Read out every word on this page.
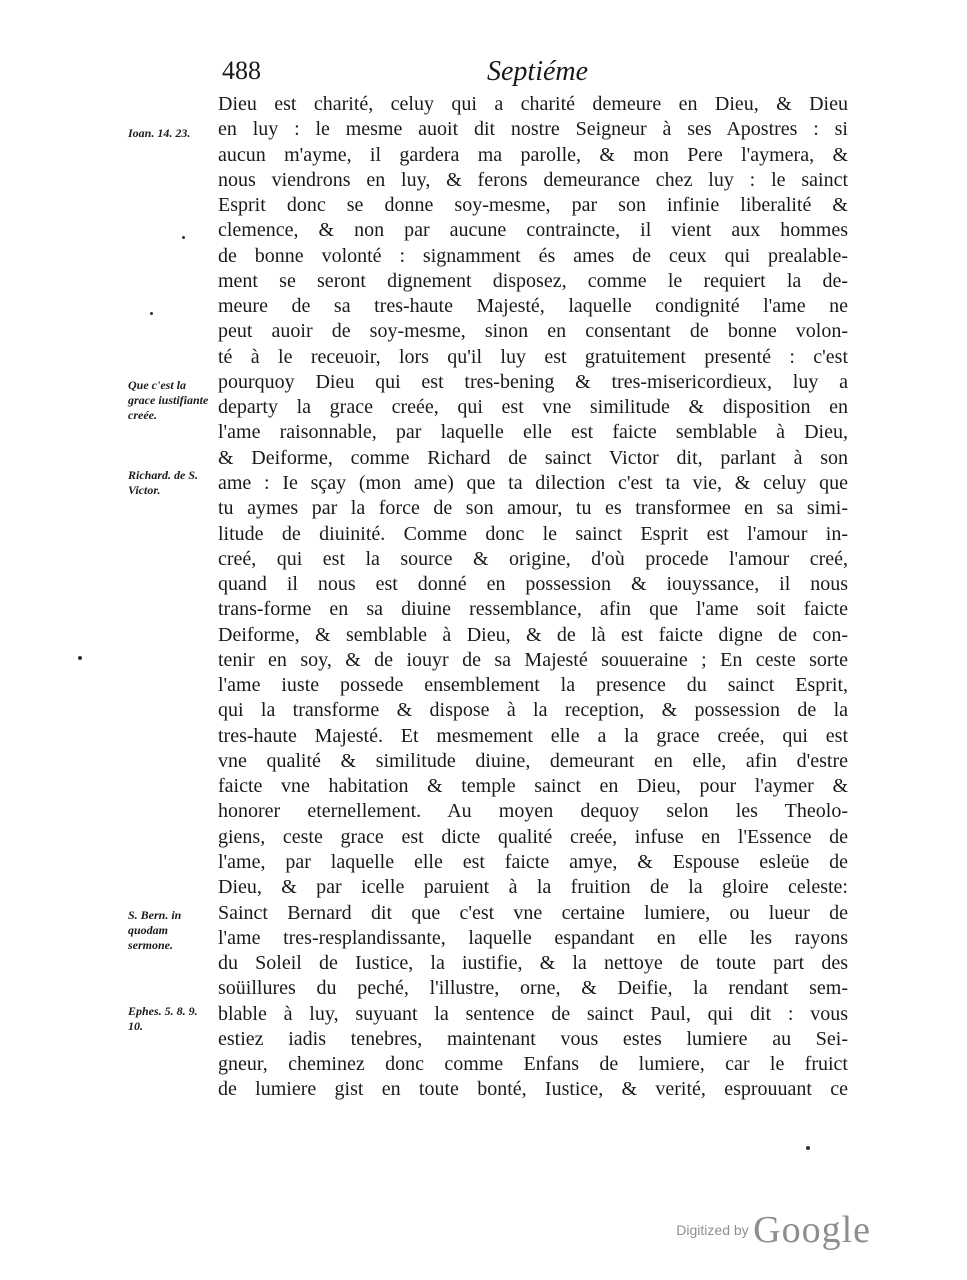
488	Septiéme
Dieu est charité, celuy qui a charité demeure en Dieu, & Dieu
en luy : le mesme auoit dit nostre Seigneur à ses Apostres : si
aucun m'ayme, il gardera ma parolle, & mon Pere l'aymera, &
nous viendrons en luy, & ferons demeurance chez luy : le sainct
Esprit donc se donne soy-mesme, par son infinie liberalité &
clemence, & non par aucune contraincte, il vient aux hommes
de bonne volonté : signamment és ames de ceux qui prealable-
ment se seront dignement disposez, comme le requiert la de-
meure de sa tres-haute Majesté, laquelle condignité l'ame ne
peut auoir de soy-mesme, sinon en consentant de bonne volon-
té à le receuoir, lors qu'il luy est gratuitement presenté : c'est
pourquoy Dieu qui est tres-bening & tres-misericordieux, luy a
departy la grace creée, qui est vne similitude & disposition en
l'ame raisonnable, par laquelle elle est faicte semblable à Dieu,
& Deiforme, comme Richard de sainct Victor dit, parlant à son
ame : Ie sçay (mon ame) que ta dilection c'est ta vie, & celuy que
tu aymes par la force de son amour, tu es transformee en sa simi-
litude de diuinité. Comme donc le sainct Esprit est l'amour in-
creé, qui est la source & origine, d'où procede l'amour creé,
quand il nous est donné en possession & iouyssance, il nous
trans-forme en sa diuine ressemblance, afin que l'ame soit faicte
Deiforme, & semblable à Dieu, & de là est faicte digne de con-
tenir en soy, & de iouyr de sa Majesté souueraine ; En ceste sorte
l'ame iuste possede ensemblement la presence du sainct Esprit,
qui la transforme & dispose à la reception, & possession de la
tres-haute Majesté. Et mesmement elle a la grace creée, qui est
vne qualité & similitude diuine, demeurant en elle, afin d'estre
faicte vne habitation & temple sainct en Dieu, pour l'aymer &
honorer eternellement. Au moyen dequoy selon les Theolo-
giens, ceste grace est dicte qualité creée, infuse en l'Essence de
l'ame, par laquelle elle est faicte amye, & Espouse esleüe de
Dieu, & par icelle paruient à la fruition de la gloire celeste:
Sainct Bernard dit que c'est vne certaine lumiere, ou lueur de
l'ame tres-resplandissante, laquelle espandant en elle les rayons
du Soleil de Iustice, la iustifie, & la nettoye de toute part des
soüillures du peché, l'illustre, orne, & Deifie, la rendant sem-
blable à luy, suyuant la sentence de sainct Paul, qui dit : vous
estiez iadis tenebres, maintenant vous estes lumiere au Sei-
gneur, cheminez donc comme Enfans de lumiere, car le fruict
de lumiere gist en toute bonté, Iustice, & verité, esprouuant ce
Ioan. 14. 23.
Que c'est la grace iustifiante creée.
Richard. de S. Victor.
S. Bern. in quodam sermone.
Ephes. 5. 8. 9. 10.
Digitized by Google
